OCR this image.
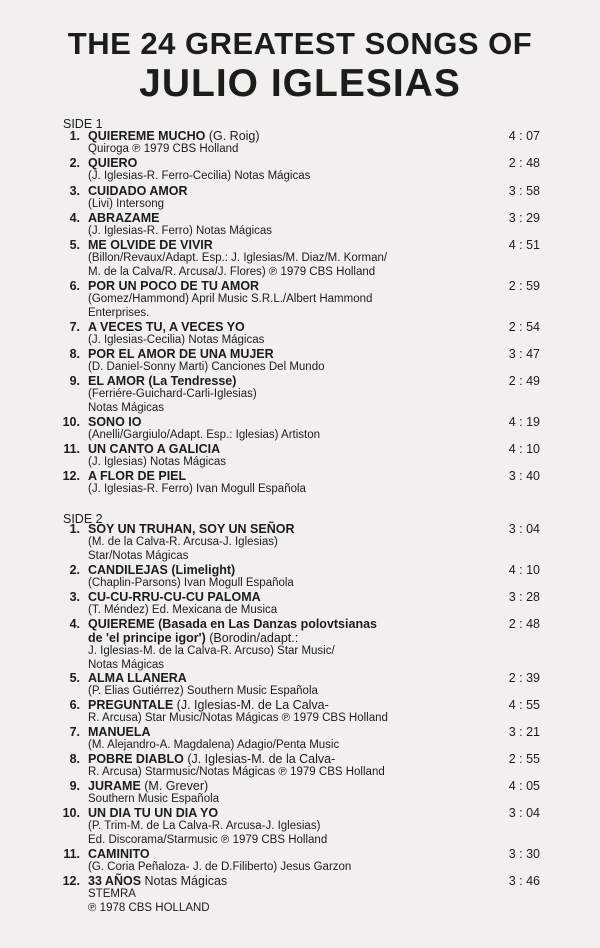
THE 24 GREATEST SONGS OF
JULIO IGLESIAS
SIDE 1
1. QUIEREME MUCHO (G. Roig)
Quiroga ℗ 1979 CBS Holland
4 : 07
2. QUIERO
(J. Iglesias-R. Ferro-Cecilia) Notas Mágicas
2 : 48
3. CUIDADO AMOR
(Livi) Intersong
3 : 58
4. ABRAZAME
(J. Iglesias-R. Ferro) Notas Mágicas
3 : 29
5. ME OLVIDE DE VIVIR
(Billon/Revaux/Adapt. Esp.: J. Iglesias/M. Diaz/M. Korman/
M. de la Calva/R. Arcusa/J. Flores) ℗ 1979 CBS Holland
4 : 51
6. POR UN POCO DE TU AMOR
(Gomez/Hammond) April Music S.R.L./Albert Hammond
Enterprises.
2 : 59
7. A VECES TU, A VECES YO
(J. Iglesias-Cecilia) Notas Mágicas
2 : 54
8. POR EL AMOR DE UNA MUJER
(D. Daniel-Sonny Marti) Canciones Del Mundo
3 : 47
9. EL AMOR (La Tendresse)
(Ferriére-Guichard-Carli-Iglesias)
Notas Mágicas
2 : 49
10. SONO IO
(Anelli/Gargiulo/Adapt. Esp.: Iglesias) Artiston
4 : 19
11. UN CANTO A GALICIA
(J. Iglesias) Notas Mágicas
4 : 10
12. A FLOR DE PIEL
(J. Iglesias-R. Ferro) Ivan Mogull Española
3 : 40
SIDE 2
1. SOY UN TRUHAN, SOY UN SEÑOR
(M. de la Calva-R. Arcusa-J. Iglesias)
Star/Notas Mágicas
3 : 04
2. CANDILEJAS (Limelight)
(Chaplin-Parsons) Ivan Mogull Española
4 : 10
3. CU-CU-RRU-CU-CU PALOMA
(T. Méndez) Ed. Mexicana de Musica
3 : 28
4. QUIEREME (Basada en Las Danzas polovtsianas
de 'el principe igor') (Borodin/adapt.:
J. Iglesias-M. de la Calva-R. Arcuso) Star Music/
Notas Mágicas
2 : 48
5. ALMA LLANERA
(P. Elias Gutiérrez) Southern Music Española
2 : 39
6. PREGUNTALE (J. Iglesias-M. de La Calva-
R. Arcusa) Star Music/Notas Mágicas ℗ 1979 CBS Holland
4 : 55
7. MANUELA
(M. Alejandro-A. Magdalena) Adagio/Penta Music
3 : 21
8. POBRE DIABLO (J. Iglesias-M. de la Calva-
R. Arcusa) Starmusic/Notas Mágicas ℗ 1979 CBS Holland
2 : 55
9. JURAME (M. Grever)
Southern Music Española
4 : 05
10. UN DIA TU UN DIA YO
(P. Trim-M. de La Calva-R. Arcusa-J. Iglesias)
Ed. Discorama/Starmusic ℗ 1979 CBS Holland
3 : 04
11. CAMINITO
(G. Coria Peñaloza- J. de D.Filiberto) Jesus Garzon
3 : 30
12. 33 AÑOS Notas Mágicas
STEMRA
℗ 1978 CBS HOLLAND
3 : 46
